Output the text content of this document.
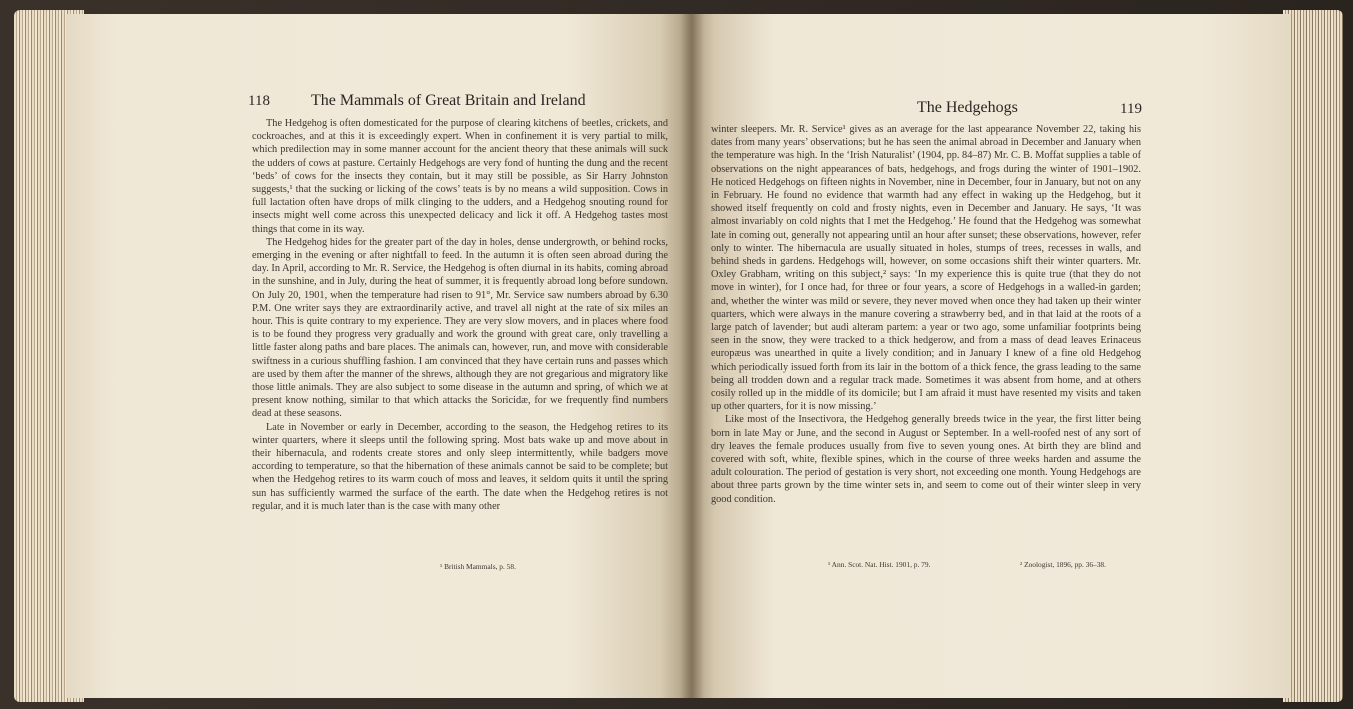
118	The Mammals of Great Britain and Ireland

The Hedgehog is often domesticated for the purpose of clearing kitchens of beetles, crickets, and cockroaches, and at this it is exceedingly expert. When in confinement it is very partial to milk, which predilection may in some manner account for the ancient theory that these animals will suck the udders of cows at pasture. Certainly Hedgehogs are very fond of hunting the dung and the recent ‘beds’ of cows for the insects they contain, but it may still be possible, as Sir Harry Johnston suggests,¹ that the sucking or licking of the cows’ teats is by no means a wild supposition. Cows in full lactation often have drops of milk clinging to the udders, and a Hedgehog snouting round for insects might well come across this unexpected delicacy and lick it off. A Hedgehog tastes most things that come in its way.

The Hedgehog hides for the greater part of the day in holes, dense undergrowth, or behind rocks, emerging in the evening or after nightfall to feed. In the autumn it is often seen abroad during the day. In April, according to Mr. R. Service, the Hedgehog is often diurnal in its habits, coming abroad in the sunshine, and in July, during the heat of summer, it is frequently abroad long before sundown. On July 20, 1901, when the temperature had risen to 91°, Mr. Service saw numbers abroad by 6.30 P.M. One writer says they are extraordinarily active, and travel all night at the rate of six miles an hour. This is quite contrary to my experience. They are very slow movers, and in places where food is to be found they progress very gradually and work the ground with great care, only travelling a little faster along paths and bare places. The animals can, however, run, and move with considerable swiftness in a curious shuffling fashion. I am convinced that they have certain runs and passes which are used by them after the manner of the shrews, although they are not gregarious and migratory like those little animals. They are also subject to some disease in the autumn and spring, of which we at present know nothing, similar to that which attacks the Soricidæ, for we frequently find numbers dead at these seasons.

Late in November or early in December, according to the season, the Hedgehog retires to its winter quarters, where it sleeps until the following spring. Most bats wake up and move about in their hibernacula, and rodents create stores and only sleep intermittently, while badgers move according to temperature, so that the hibernation of these animals cannot be said to be complete; but when the Hedgehog retires to its warm couch of moss and leaves, it seldom quits it until the spring sun has sufficiently warmed the surface of the earth. The date when the Hedgehog retires is not regular, and it is much later than is the case with many other

¹ British Mammals, p. 58.
The Hedgehogs	119

winter sleepers. Mr. R. Service¹ gives as an average for the last appearance November 22, taking his dates from many years’ observations; but he has seen the animal abroad in December and January when the temperature was high. In the ‘Irish Naturalist’ (1904, pp. 84–87) Mr. C. B. Moffat supplies a table of observations on the night appearances of bats, hedgehogs, and frogs during the winter of 1901–1902. He noticed Hedgehogs on fifteen nights in November, nine in December, four in January, but not on any in February. He found no evidence that warmth had any effect in waking up the Hedgehog, but it showed itself frequently on cold and frosty nights, even in December and January. He says, ‘It was almost invariably on cold nights that I met the Hedgehog.’ He found that the Hedgehog was somewhat late in coming out, generally not appearing until an hour after sunset; these observations, however, refer only to winter. The hibernacula are usually situated in holes, stumps of trees, recesses in walls, and behind sheds in gardens. Hedgehogs will, however, on some occasions shift their winter quarters. Mr. Oxley Grabham, writing on this subject,² says: ‘In my experience this is quite true (that they do not move in winter), for I once had, for three or four years, a score of Hedgehogs in a walled-in garden; and, whether the winter was mild or severe, they never moved when once they had taken up their winter quarters, which were always in the manure covering a strawberry bed, and in that laid at the roots of a large patch of lavender; but audi alteram partem: a year or two ago, some unfamiliar footprints being seen in the snow, they were tracked to a thick hedgerow, and from a mass of dead leaves Erinaceus europæus was unearthed in quite a lively condition; and in January I knew of a fine old Hedgehog which periodically issued forth from its lair in the bottom of a thick fence, the grass leading to the same being all trodden down and a regular track made. Sometimes it was absent from home, and at others cosily rolled up in the middle of its domicile; but I am afraid it must have resented my visits and taken up other quarters, for it is now missing.’

Like most of the Insectivora, the Hedgehog generally breeds twice in the year, the first litter being born in late May or June, and the second in August or September. In a well-roofed nest of any sort of dry leaves the female produces usually from five to seven young ones. At birth they are blind and covered with soft, white, flexible spines, which in the course of three weeks harden and assume the adult colouration. The period of gestation is very short, not exceeding one month. Young Hedgehogs are about three parts grown by the time winter sets in, and seem to come out of their winter sleep in very good condition.

¹ Ann. Scot. Nat. Hist. 1901, p. 79.	² Zoologist, 1896, pp. 36–38.
